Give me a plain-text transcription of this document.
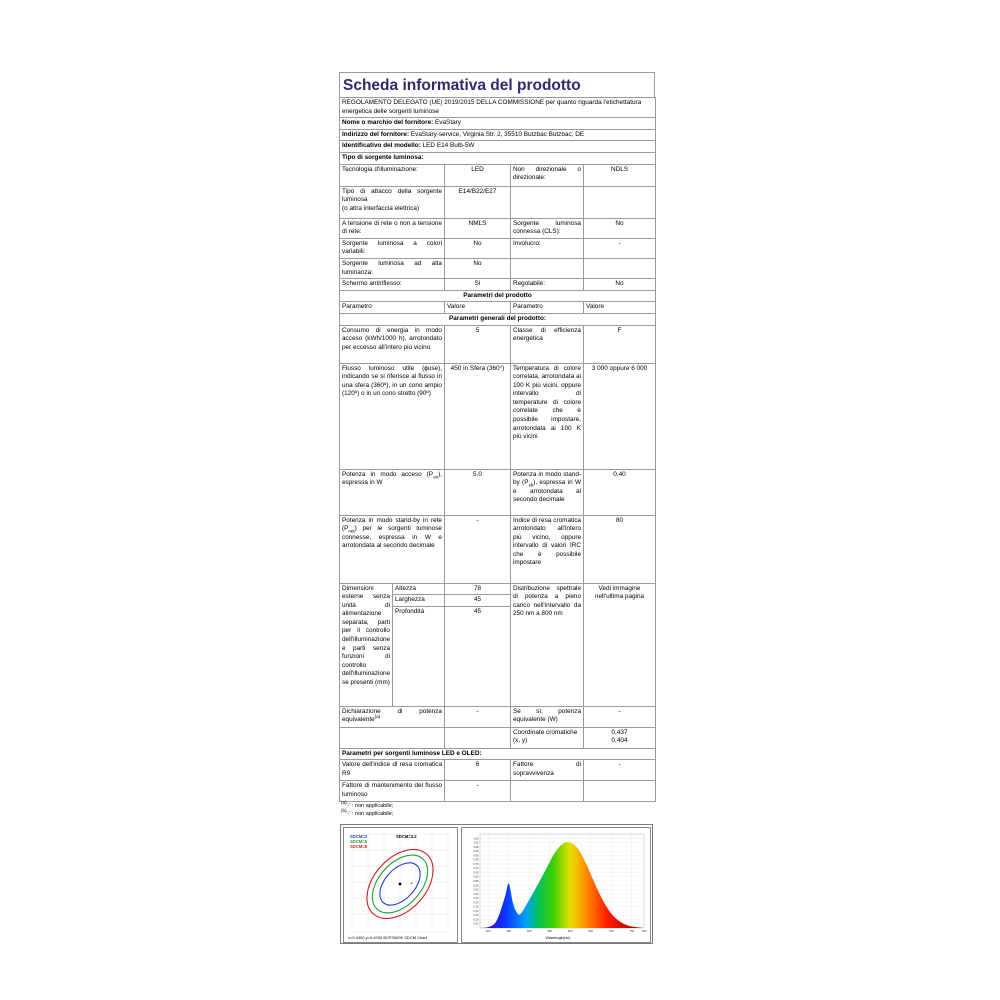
Scheda informativa del prodotto
REGOLAMENTO DELEGATO (UE) 2019/2015 DELLA COMMISSIONE per quanto riguarda l'etichettatura energetica delle sorgenti luminose				
Nome o marchio del fornitore: EvaStary				
Indirizzo del fornitore: EvaStary-service, Virginia Str. 2, 35510 Butzbac Butzbac, DE				
Identificativo del modello: LED E14 Bulb-5W				
Tipo di sorgente luminosa:				
Tecnologia d'illuminazione:		LED	Non direzionale o direzionale:	NDLS
Tipo di attacco della sorgente luminosa
(o altra interfaccia elettrica)		E14/B22/E27		
A tensione di rete o non a tensione di rete:		NMLS	Sorgente luminosa connessa (CLS):	No
Sorgente luminosa a colori variabili:		No	Involucro:	-
Sorgente luminosa ad alta luminanza:		No		
Schermo antiriflesso:		Sì	Regolabile:	No
Parametri del prodotto				
Parametro		Valore	Parametro	Valore
Parametri generali del prodotto:				
Consumo di energia in modo acceso (kWh/1000 h), arrotondato per eccesso all'intero più vicino		5	Classe di efficienza energetica	F
Flusso luminoso utile (ɸuse), indicando se si riferisce al flusso in una sfera (360º), in un cono ampio (120º) o in un cono stretto (90º)		450 in Sfera (360°)	Temperatura di colore correlata, arrotondata ai 100 K più vicini, oppure intervallo di temperature di colore correlate che è possibile impostare, arrotondata ai 100 K più vicini	3 000 oppure 6 000
Potenza in modo acceso $(P_{on})$, espressa in W		5,0	Potenza in modo stand-by $(P_{sb})$, espressa in W e arrotondata al secondo decimale	0,40
Potenza in modo stand-by in rete $(P_{net})$ per le sorgenti luminose connesse, espressa in W e arrotondata al secondo decimale		-	Indice di resa cromatica arrotondato all'intero più vicino, oppure intervallo di valori IRC che è possibile impostare	80
Dimensioni esterne senza unità di alimentazione separata, parti per il controllo dell'illuminazione e parti senza funzioni di controllo dell'illuminazione se presenti (mm)	Altezza	78	Distribuzione spettrale di potenza a pieno carico nell'intervallo da 250 nm a 800 nm	Vedi immagine nell'ultima pagina
	Larghezza	45		
	Profondità	45		
Dichiarazione di potenza equivalente$^{(a)}$		-	Se sì, potenza equivalente (W)	-
			Coordinate cromatiche (x, y)	0,437
0,404
Parametri per sorgenti luminose LED e OLED:				
Valore dell'indice di resa cromatica R9		6	Fattore di sopravvivenza	-
Fattore di mantenimento del flusso luminoso		-		
$^{(a)}$'-' : non applicabile;
$^{(b)}$'-' : non applicabile;
+
SDCM=3
SDCM=5
SDCM=8
SDCM=3.2
x=0.4400 y=0.4030 BCP3000K SDCM Chart
0.05
0.10
0.15
0.20
0.25
0.30
0.35
0.40
0.45
0.50
0.55
0.60
0.65
0.70
0.75
0.80
0.85
0.90
0.95
1.00
1.05
400	450	500	550	600	650	700	750	780
Wavelength(nm)
